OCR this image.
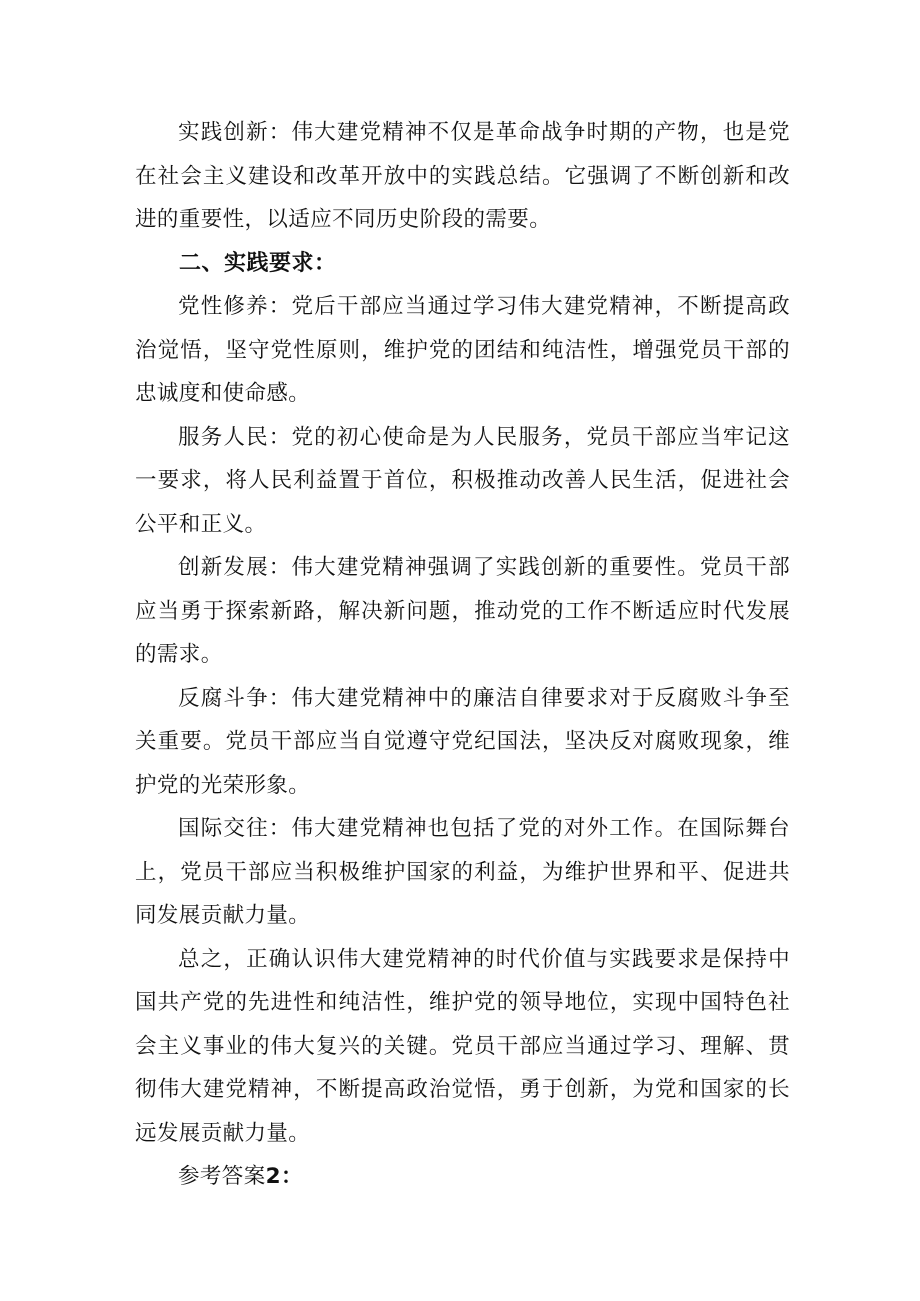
实践创新：伟大建党精神不仅是革命战争时期的产物，也是党在社会主义建设和改革开放中的实践总结。它强调了不断创新和改进的重要性，以适应不同历史阶段的需要。

二、实践要求：

党性修养：党后干部应当通过学习伟大建党精神，不断提高政治觉悟，坚守党性原则，维护党的团结和纯洁性，增强党员干部的忠诚度和使命感。

服务人民：党的初心使命是为人民服务，党员干部应当牢记这一要求，将人民利益置于首位，积极推动改善人民生活，促进社会公平和正义。

创新发展：伟大建党精神强调了实践创新的重要性。党员干部应当勇于探索新路，解决新问题，推动党的工作不断适应时代发展的需求。

反腐斗争：伟大建党精神中的廉洁自律要求对于反腐败斗争至关重要。党员干部应当自觉遵守党纪国法，坚决反对腐败现象，维护党的光荣形象。

国际交往：伟大建党精神也包括了党的对外工作。在国际舞台上，党员干部应当积极维护国家的利益，为维护世界和平、促进共同发展贡献力量。

总之，正确认识伟大建党精神的时代价值与实践要求是保持中国共产党的先进性和纯洁性，维护党的领导地位，实现中国特色社会主义事业的伟大复兴的关键。党员干部应当通过学习、理解、贯彻伟大建党精神，不断提高政治觉悟，勇于创新，为党和国家的长远发展贡献力量。

参考答案2：
